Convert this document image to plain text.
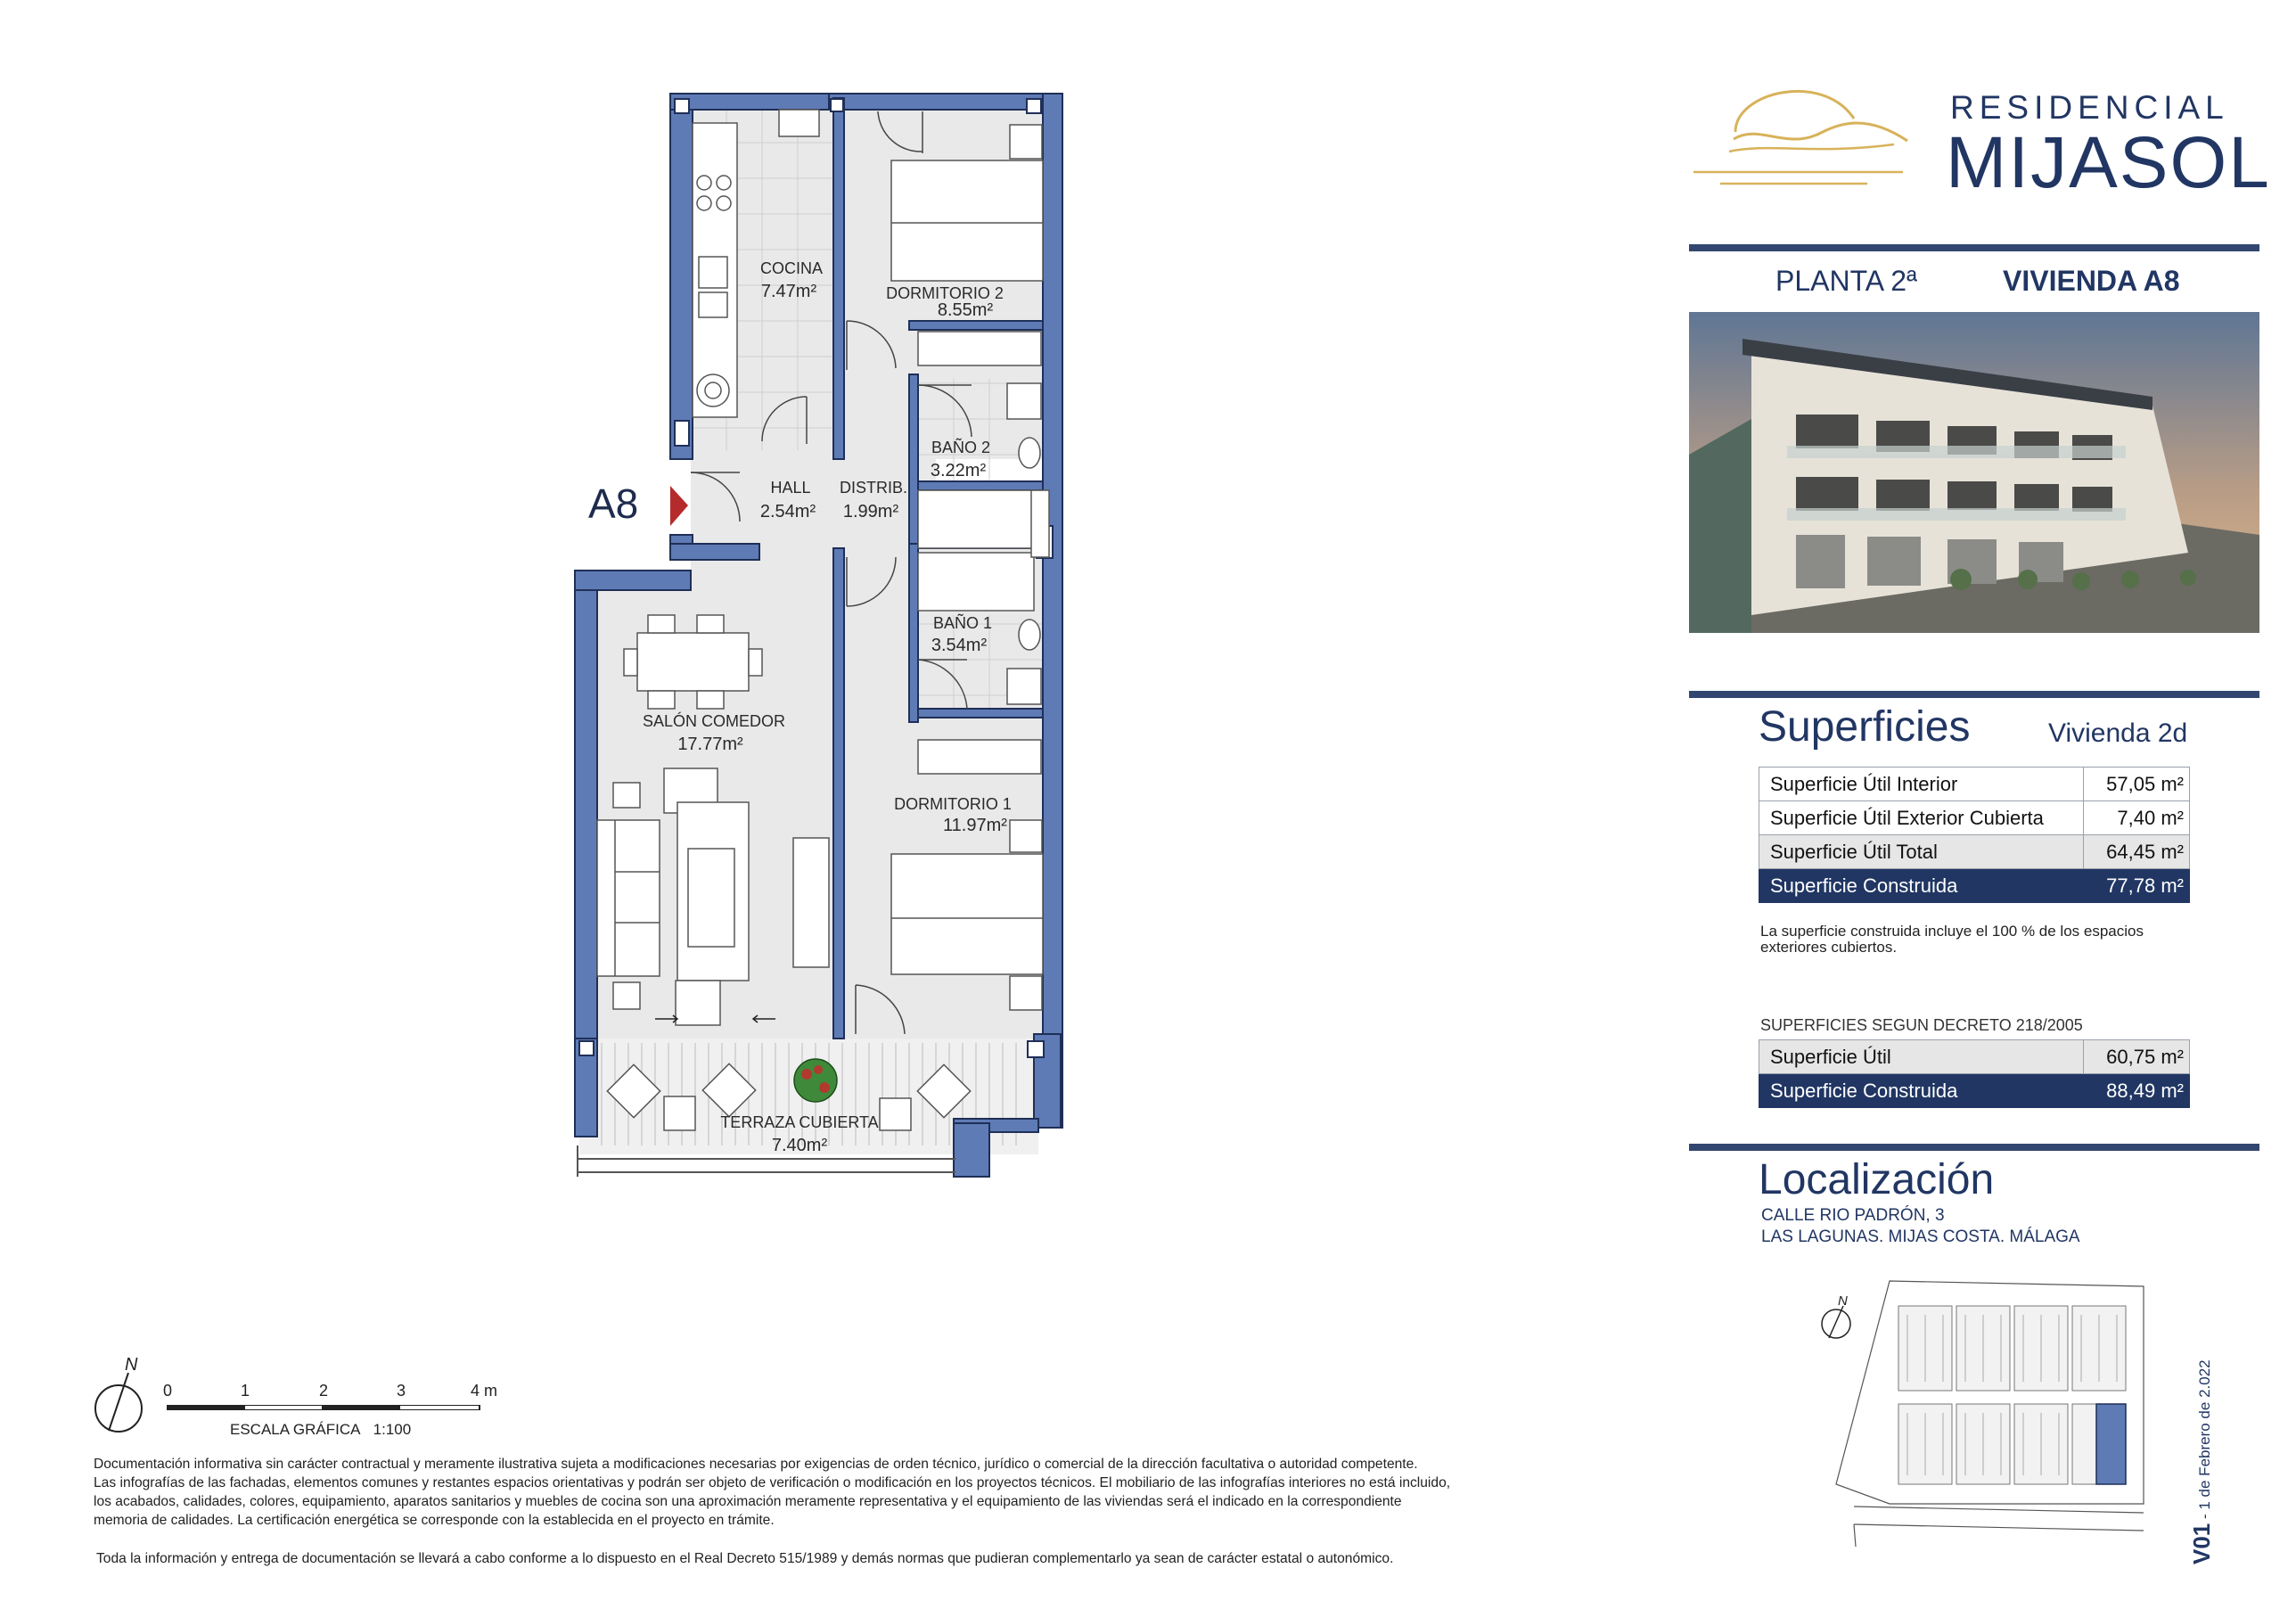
COCINA
7.47m²	DORMITORIO 2
8.55m²
BAÑO 2
3.22m²
HALL
2.54m²
DISTRIB.
1.99m²
BAÑO 1
3.54m²
SALÓN COMEDOR
17.77m²
DORMITORIO 1
11.97m²
TERRAZA CUBIERTA
7.40m²
A8
N
0	1	2	3	4 m
ESCALA GRÁFICA 1:100
Documentación informativa sin carácter contractual y meramente ilustrativa sujeta a modificaciones necesarias por exigencias de orden técnico, jurídico o comercial de la dirección facultativa o autoridad competente.
Las infografías de las fachadas, elementos comunes y restantes espacios orientativas y podrán ser objeto de verificación o modificación en los proyectos técnicos. El mobiliario de las infografías interiores no está incluido,
los acabados, calidades, colores, equipamiento, aparatos sanitarios y muebles de cocina son una aproximación meramente representativa y el equipamiento de las viviendas será el indicado en la correspondiente
memoria de calidades. La certificación energética se corresponde con la establecida en el proyecto en trámite.
Toda la información y entrega de documentación se llevará a cabo conforme a lo dispuesto en el Real Decreto 515/1989 y demás normas que pudieran complementarlo ya sean de carácter estatal o autonómico.
RESIDENCIAL
MIJASOL
PLANTA 2ª	VIVIENDA A8
Superficies	Vivienda 2d
Superficie Útil Interior	57,05 m²
Superficie Útil Exterior Cubierta	7,40 m²
Superficie Útil Total	64,45 m²
Superficie Construida	77,78 m²
La superficie construida incluye el 100 % de los espacios exteriores cubiertos.
SUPERFICIES SEGUN DECRETO 218/2005
Superficie Útil	60,75 m²
Superficie Construida	88,49 m²
Localización
CALLE RIO PADRÓN, 3
LAS LAGUNAS. MIJAS COSTA. MÁLAGA
N
V01 - 1 de Febrero de 2.022
